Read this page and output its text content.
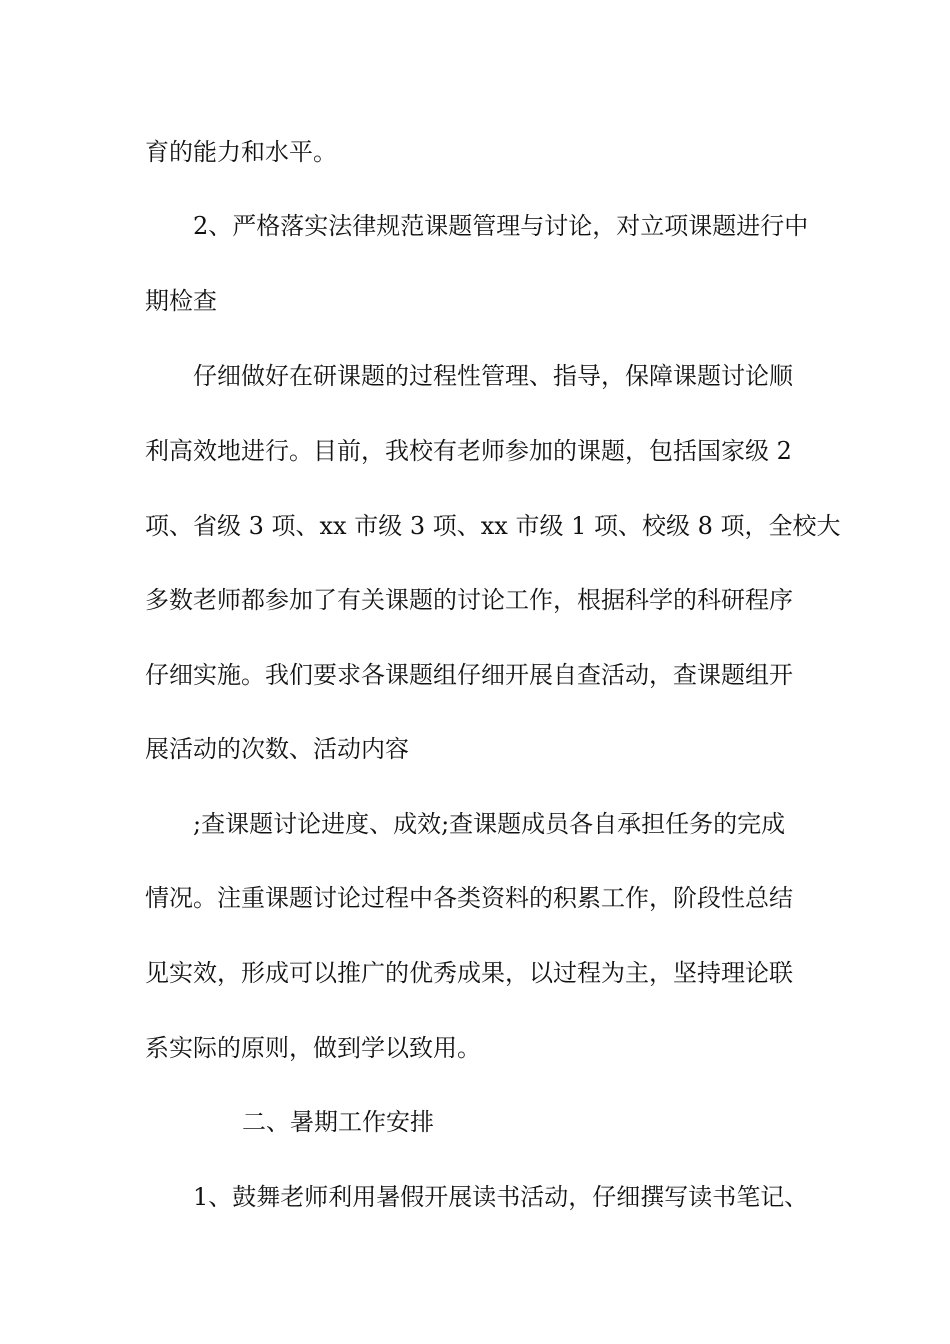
育的能力和水平。
2、严格落实法律规范课题管理与讨论，对立项课题进行中
期检查
仔细做好在研课题的过程性管理、指导，保障课题讨论顺
利高效地进行。目前，我校有老师参加的课题，包括国家级 2
项、省级 3 项、xx 市级 3 项、xx 市级 1 项、校级 8 项，全校大
多数老师都参加了有关课题的讨论工作，根据科学的科研程序
仔细实施。我们要求各课题组仔细开展自查活动，查课题组开
展活动的次数、活动内容
;查课题讨论进度、成效;查课题成员各自承担任务的完成
情况。注重课题讨论过程中各类资料的积累工作，阶段性总结
见实效，形成可以推广的优秀成果，以过程为主，坚持理论联
系实际的原则，做到学以致用。
二、暑期工作安排
1、鼓舞老师利用暑假开展读书活动，仔细撰写读书笔记、
